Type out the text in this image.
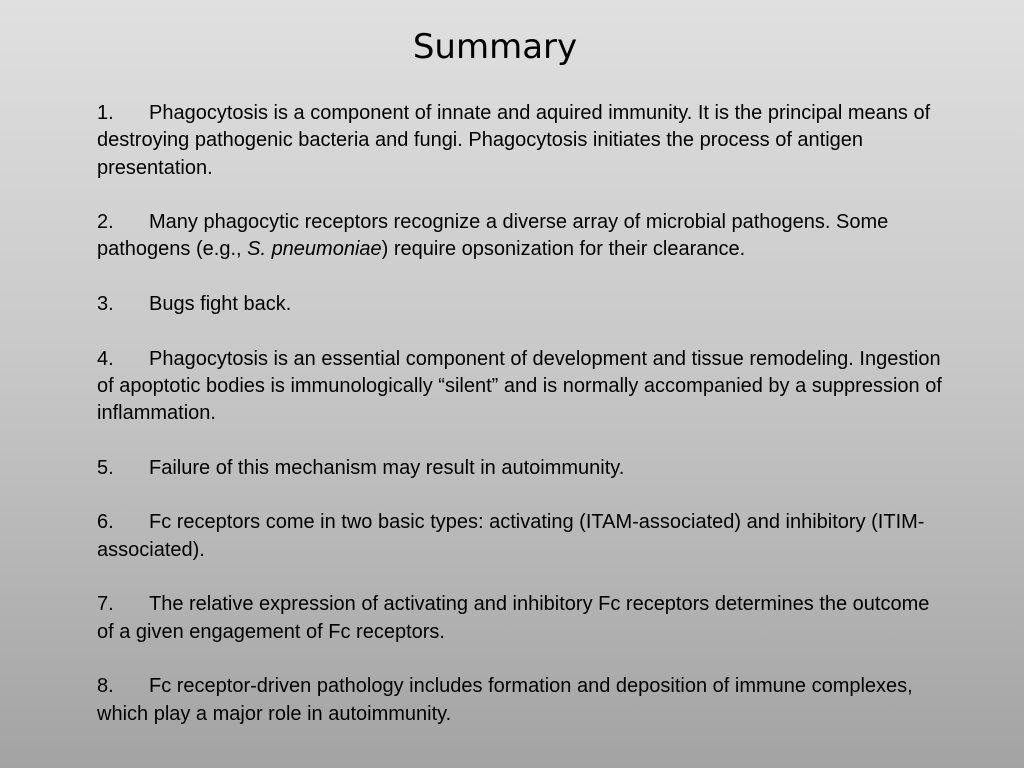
Summary
1. Phagocytosis is a component of innate and aquired immunity. It is the principal means of destroying pathogenic bacteria and fungi. Phagocytosis initiates the process of antigen presentation.
2. Many phagocytic receptors recognize a diverse array of microbial pathogens. Some pathogens (e.g., S. pneumoniae) require opsonization for their clearance.
3. Bugs fight back.
4. Phagocytosis is an essential component of development and tissue remodeling. Ingestion of apoptotic bodies is immunologically “silent” and is normally accompanied by a suppression of inflammation.
5. Failure of this mechanism may result in autoimmunity.
6. Fc receptors come in two basic types: activating (ITAM-associated) and inhibitory (ITIM-associated).
7. The relative expression of activating and inhibitory Fc receptors determines the outcome of a given engagement of Fc receptors.
8. Fc receptor-driven pathology includes formation and deposition of immune complexes, which play a major role in autoimmunity.
